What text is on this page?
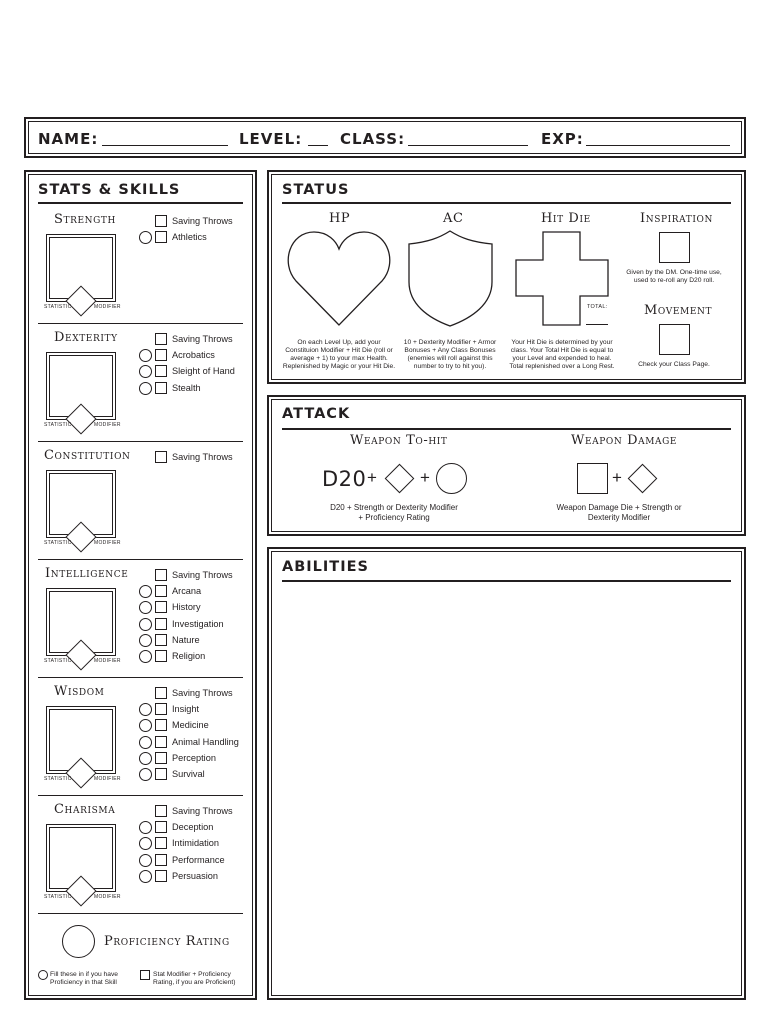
NAME:	LEVEL:	CLASS:	EXP:
STATS & SKILLS
Strength
STATISTIC	MODIFIER
Saving Throws
Athletics
Dexterity
STATISTIC	MODIFIER
Saving Throws
Acrobatics
Sleight of Hand
Stealth
Constitution
STATISTIC	MODIFIER
Saving Throws
Intelligence
STATISTIC	MODIFIER
Saving Throws
Arcana
History
Investigation
Nature
Religion
Wisdom
STATISTIC	MODIFIER
Saving Throws
Insight
Medicine
Animal Handling
Perception
Survival
Charisma
STATISTIC	MODIFIER
Saving Throws
Deception
Intimidation
Performance
Persuasion
Proficiency Rating
Fill these in if you have Proficiency in that Skill
Stat Modifier + Proficiency Rating, if you are Proficient)
STATUS
HP
On each Level Up, add your Constituion Modifier + Hit Die (roll or average + 1) to your max Health. Replenished by Magic or your Hit Die.
AC
10 + Dexterity Modifier + Armor Bonuses + Any Class Bonuses (enemies will roll against this number to try to hit you).
Hit Die
TOTAL:
Your Hit Die is determined by your class. Your Total Hit Die is equal to your Level and expended to heal. Total replenished over a Long Rest.
Inspiration
Given by the DM. One-time use, used to re-roll any D20 roll.
Movement
Check your Class Page.
ATTACK
Weapon To-hit
D20 +	+
D20 + Strength or Dexterity Modifier + Proficiency Rating
Weapon Damage
+
Weapon Damage Die + Strength or Dexterity Modifier
ABILITIES
